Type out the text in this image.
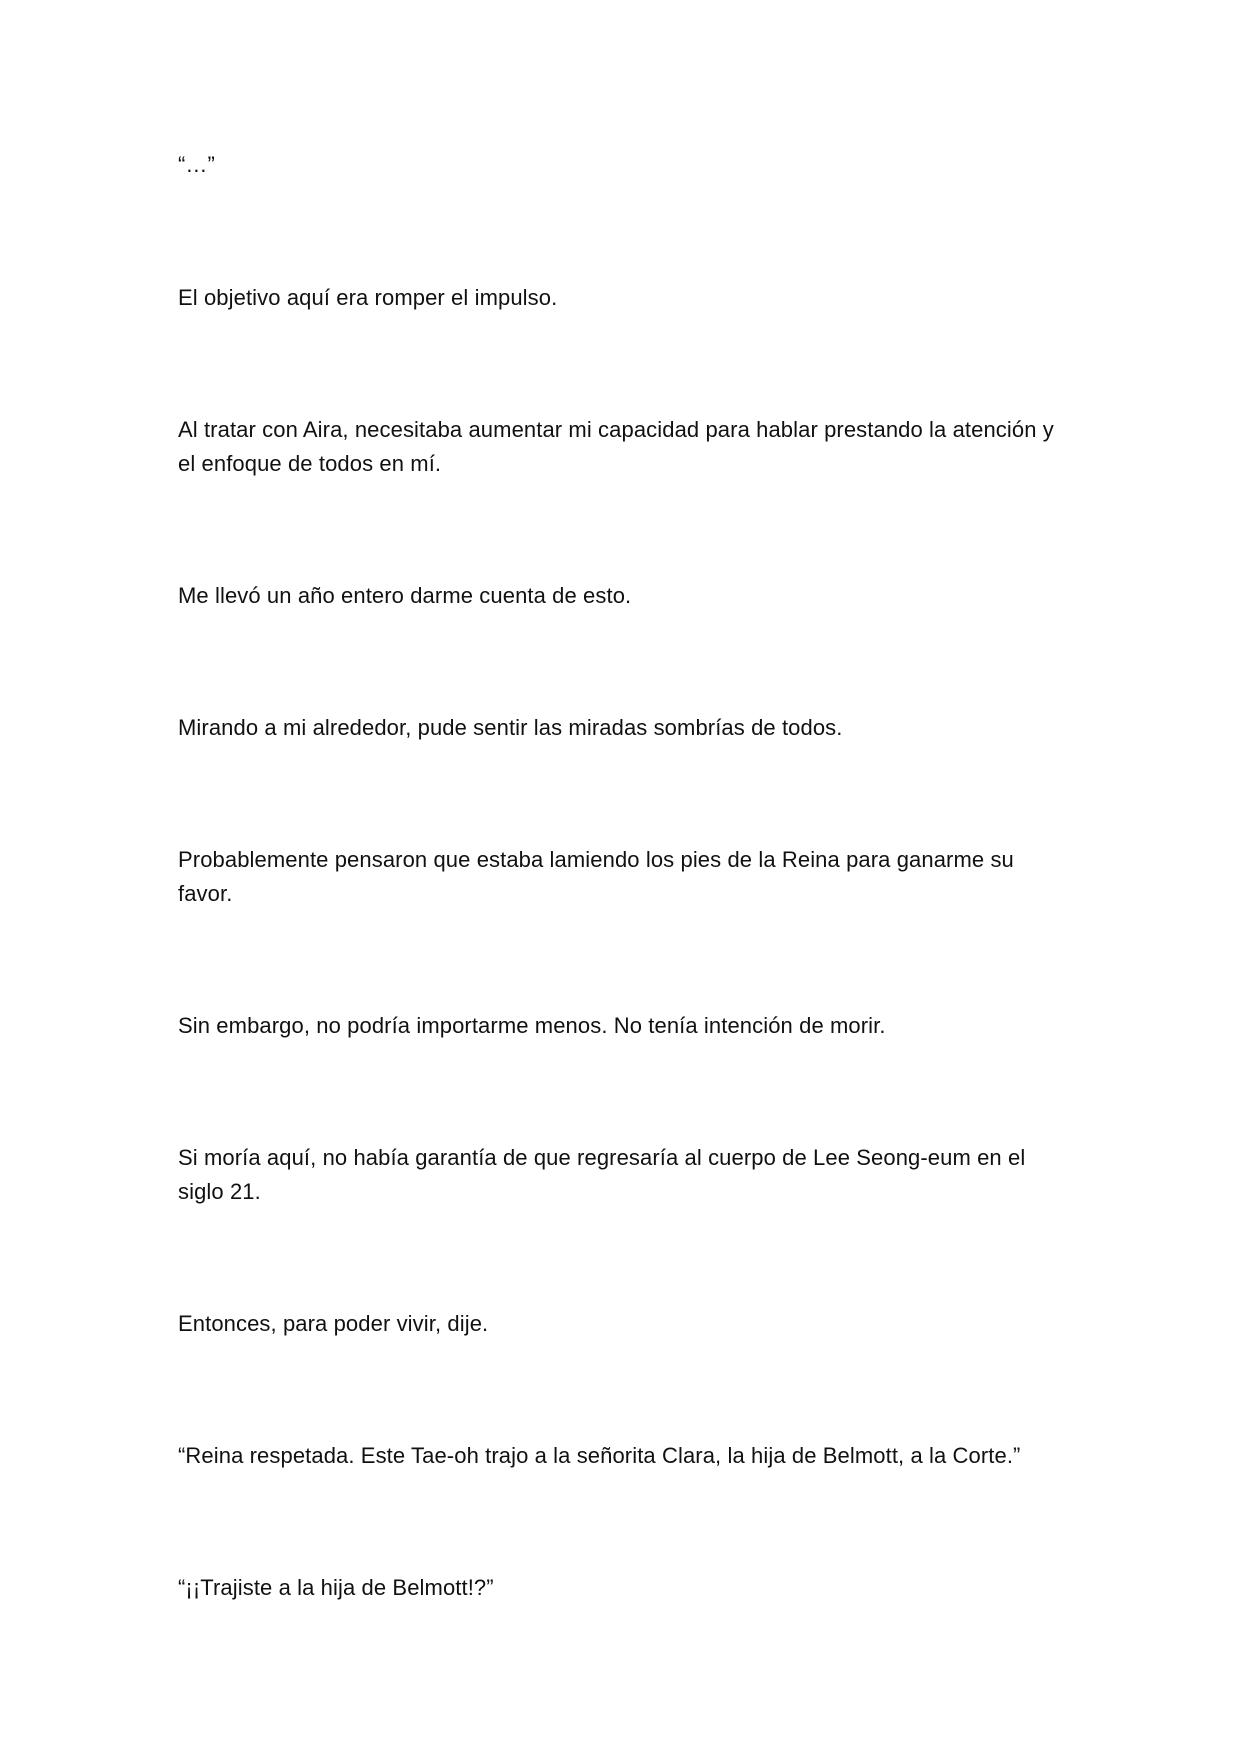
“…”

El objetivo aquí era romper el impulso.

Al tratar con Aira, necesitaba aumentar mi capacidad para hablar prestando la atención y el enfoque de todos en mí.

Me llevó un año entero darme cuenta de esto.

Mirando a mi alrededor, pude sentir las miradas sombrías de todos.

Probablemente pensaron que estaba lamiendo los pies de la Reina para ganarme su favor.

Sin embargo, no podría importarme menos. No tenía intención de morir.

Si moría aquí, no había garantía de que regresaría al cuerpo de Lee Seong-eum en el siglo 21.

Entonces, para poder vivir, dije.

“Reina respetada. Este Tae-oh trajo a la señorita Clara, la hija de Belmott, a la Corte.”

“¡¡Trajiste a la hija de Belmott!?”
